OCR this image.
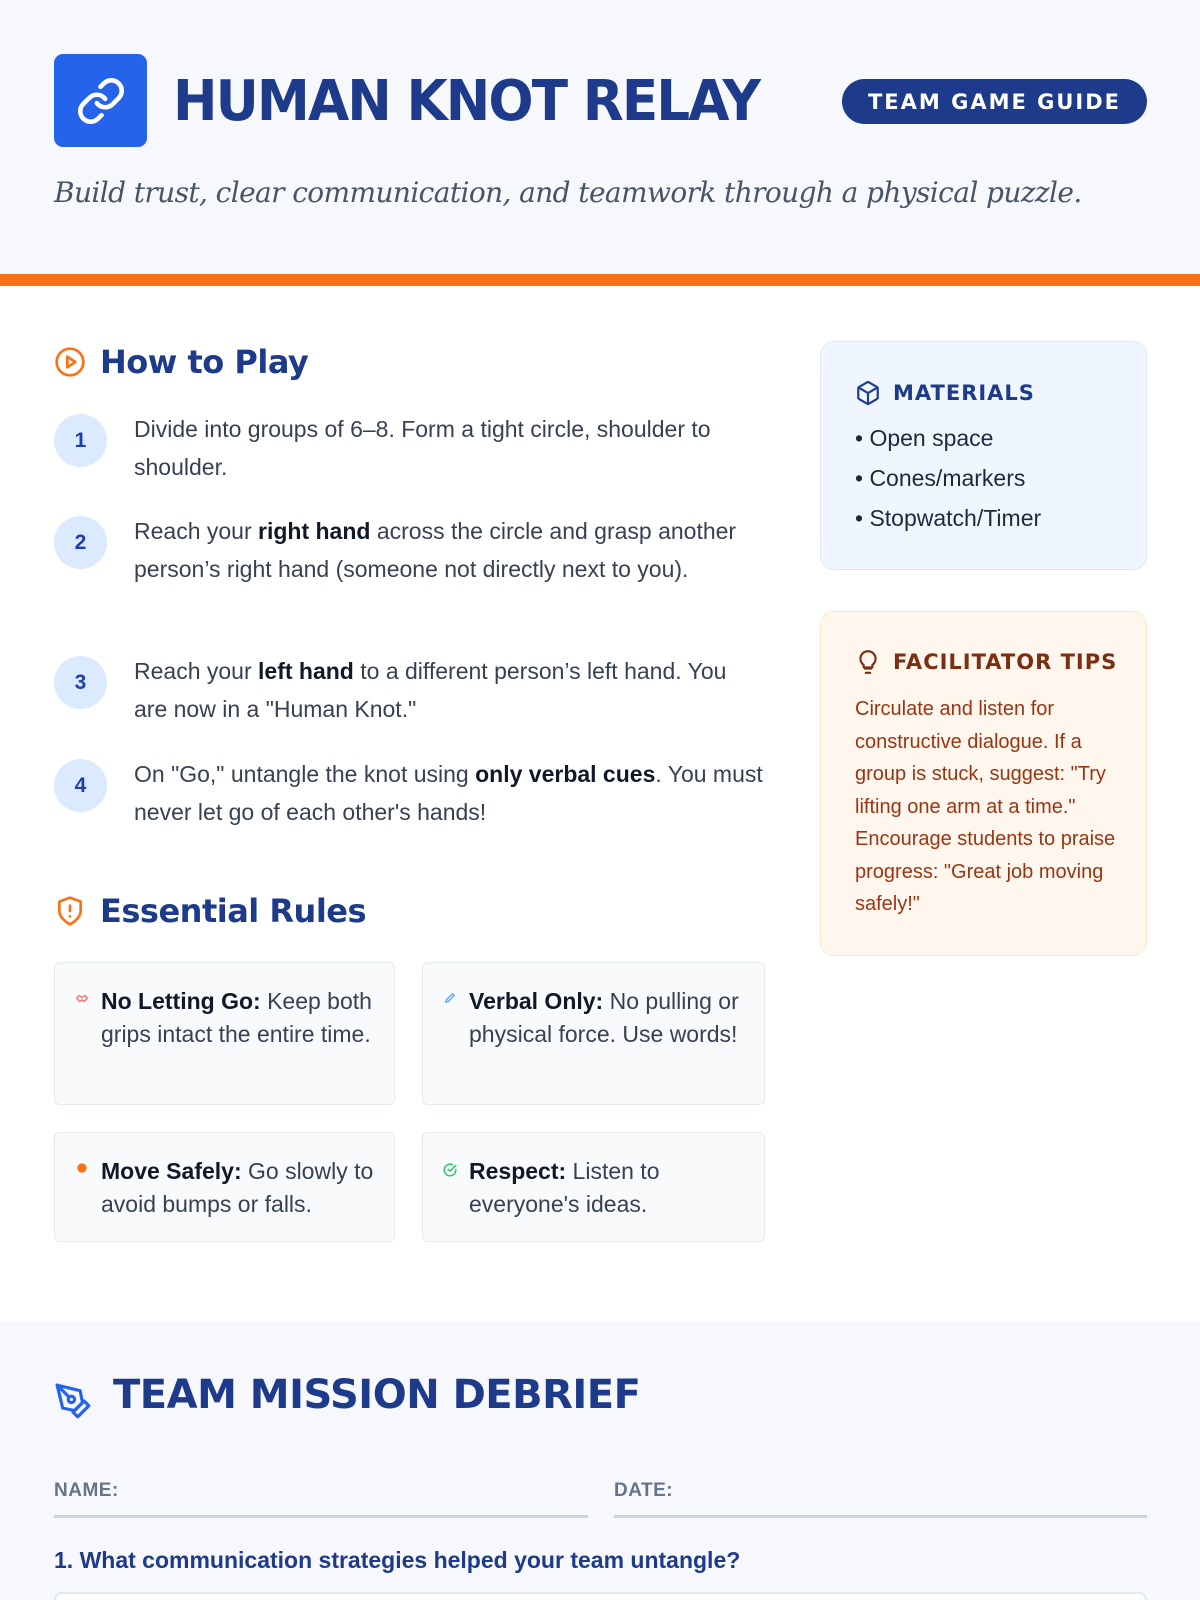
HUMAN KNOT RELAY	TEAM GAME GUIDE
Build trust, clear communication, and teamwork through a physical puzzle.
How to Play
1	Divide into groups of 6–8. Form a tight circle, shoulder to shoulder.
2	Reach your right hand across the circle and grasp another person’s right hand (someone not directly next to you).
3	Reach your left hand to a different person’s left hand. You are now in a "Human Knot."
4	On "Go," untangle the knot using only verbal cues. You must never let go of each other's hands!
Essential Rules
No Letting Go: Keep both grips intact the entire time.
Verbal Only: No pulling or physical force. Use words!
Move Safely: Go slowly to avoid bumps or falls.
Respect: Listen to everyone's ideas.
MATERIALS
• Open space
• Cones/markers
• Stopwatch/Timer
FACILITATOR TIPS
Circulate and listen for constructive dialogue. If a group is stuck, suggest: "Try lifting one arm at a time." Encourage students to praise progress: "Great job moving safely!"
TEAM MISSION DEBRIEF
NAME:	DATE:
1. What communication strategies helped your team untangle?
